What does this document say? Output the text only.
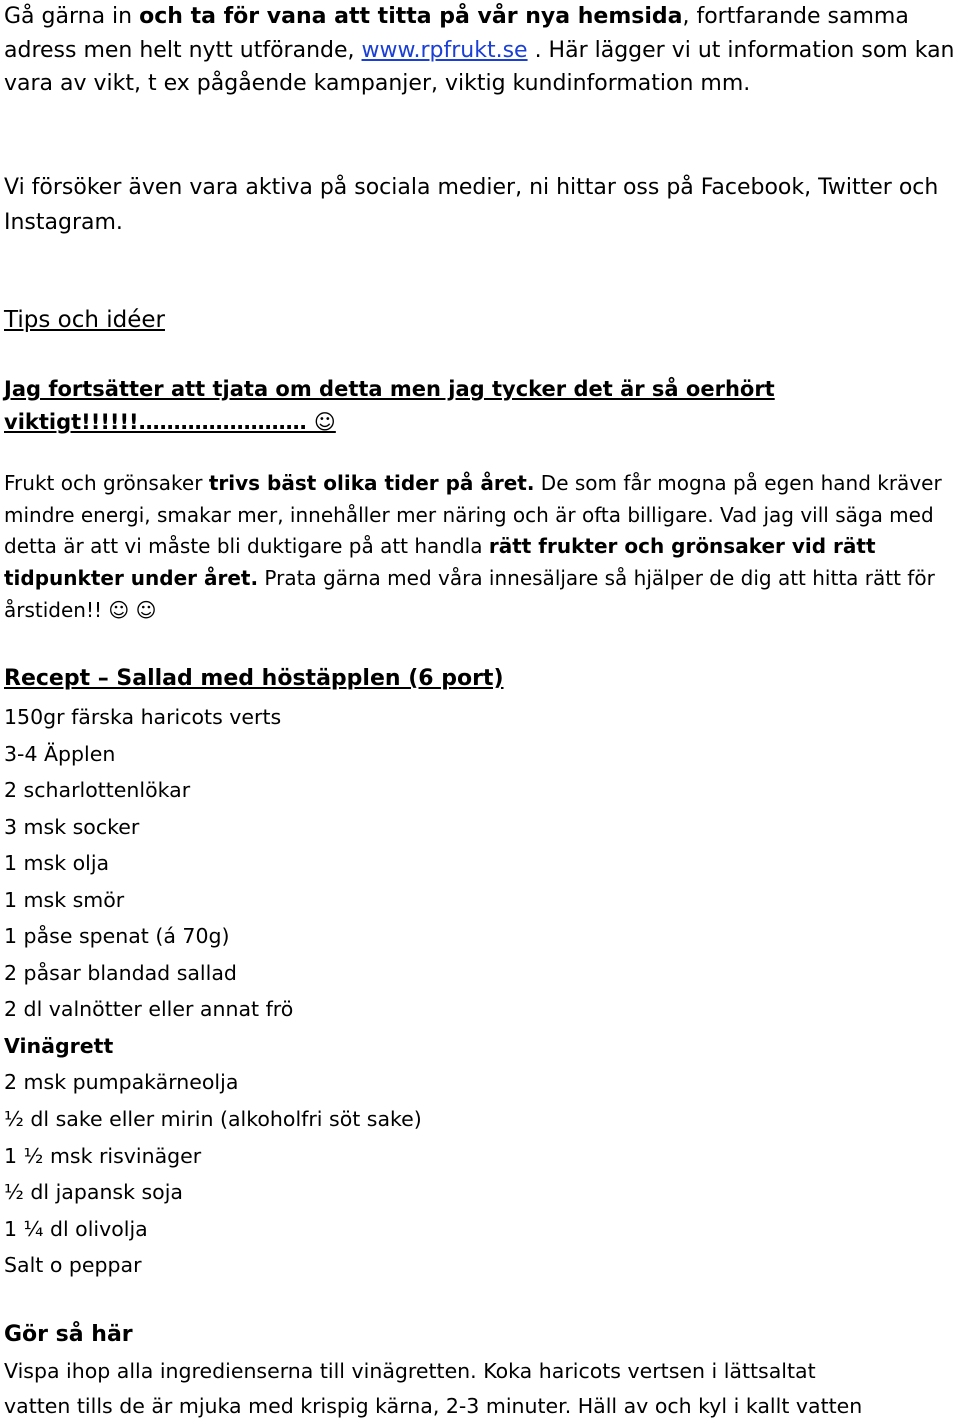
Gå gärna in och ta för vana att titta på vår nya hemsida, fortfarande samma adress men helt nytt utförande, www.rpfrukt.se . Här lägger vi ut information som kan vara av vikt, t ex pågående kampanjer, viktig kundinformation mm.

Vi försöker även vara aktiva på sociala medier, ni hittar oss på Facebook, Twitter och Instagram.

Tips och idéer

Jag fortsätter att tjata om detta men jag tycker det är så oerhört viktigt!!!!!!…………………… ☺

Frukt och grönsaker trivs bäst olika tider på året. De som får mogna på egen hand kräver mindre energi, smakar mer, innehåller mer näring och är ofta billigare. Vad jag vill säga med detta är att vi måste bli duktigare på att handla rätt frukter och grönsaker vid rätt tidpunkter under året. Prata gärna med våra innesäljare så hjälper de dig att hitta rätt för årstiden!! ☺ ☺

Recept – Sallad med höstäpplen (6 port)

150gr färska haricots verts
3-4 Äpplen
2 scharlottenlökar
3 msk socker
1 msk olja
1 msk smör
1 påse spenat (á 70g)
2 påsar blandad sallad
2 dl valnötter eller annat frö
Vinägrett
2 msk pumpakärneolja
½ dl sake eller mirin (alkoholfri söt sake)
1 ½ msk risvinäger
½ dl japansk soja
1 ¼ dl olivolja
Salt o peppar

Gör så här

Vispa ihop alla ingredienserna till vinägretten. Koka haricots vertsen i lättsaltat
vatten tills de är mjuka med krispig kärna, 2-3 minuter. Häll av och kyl i kallt vatten
